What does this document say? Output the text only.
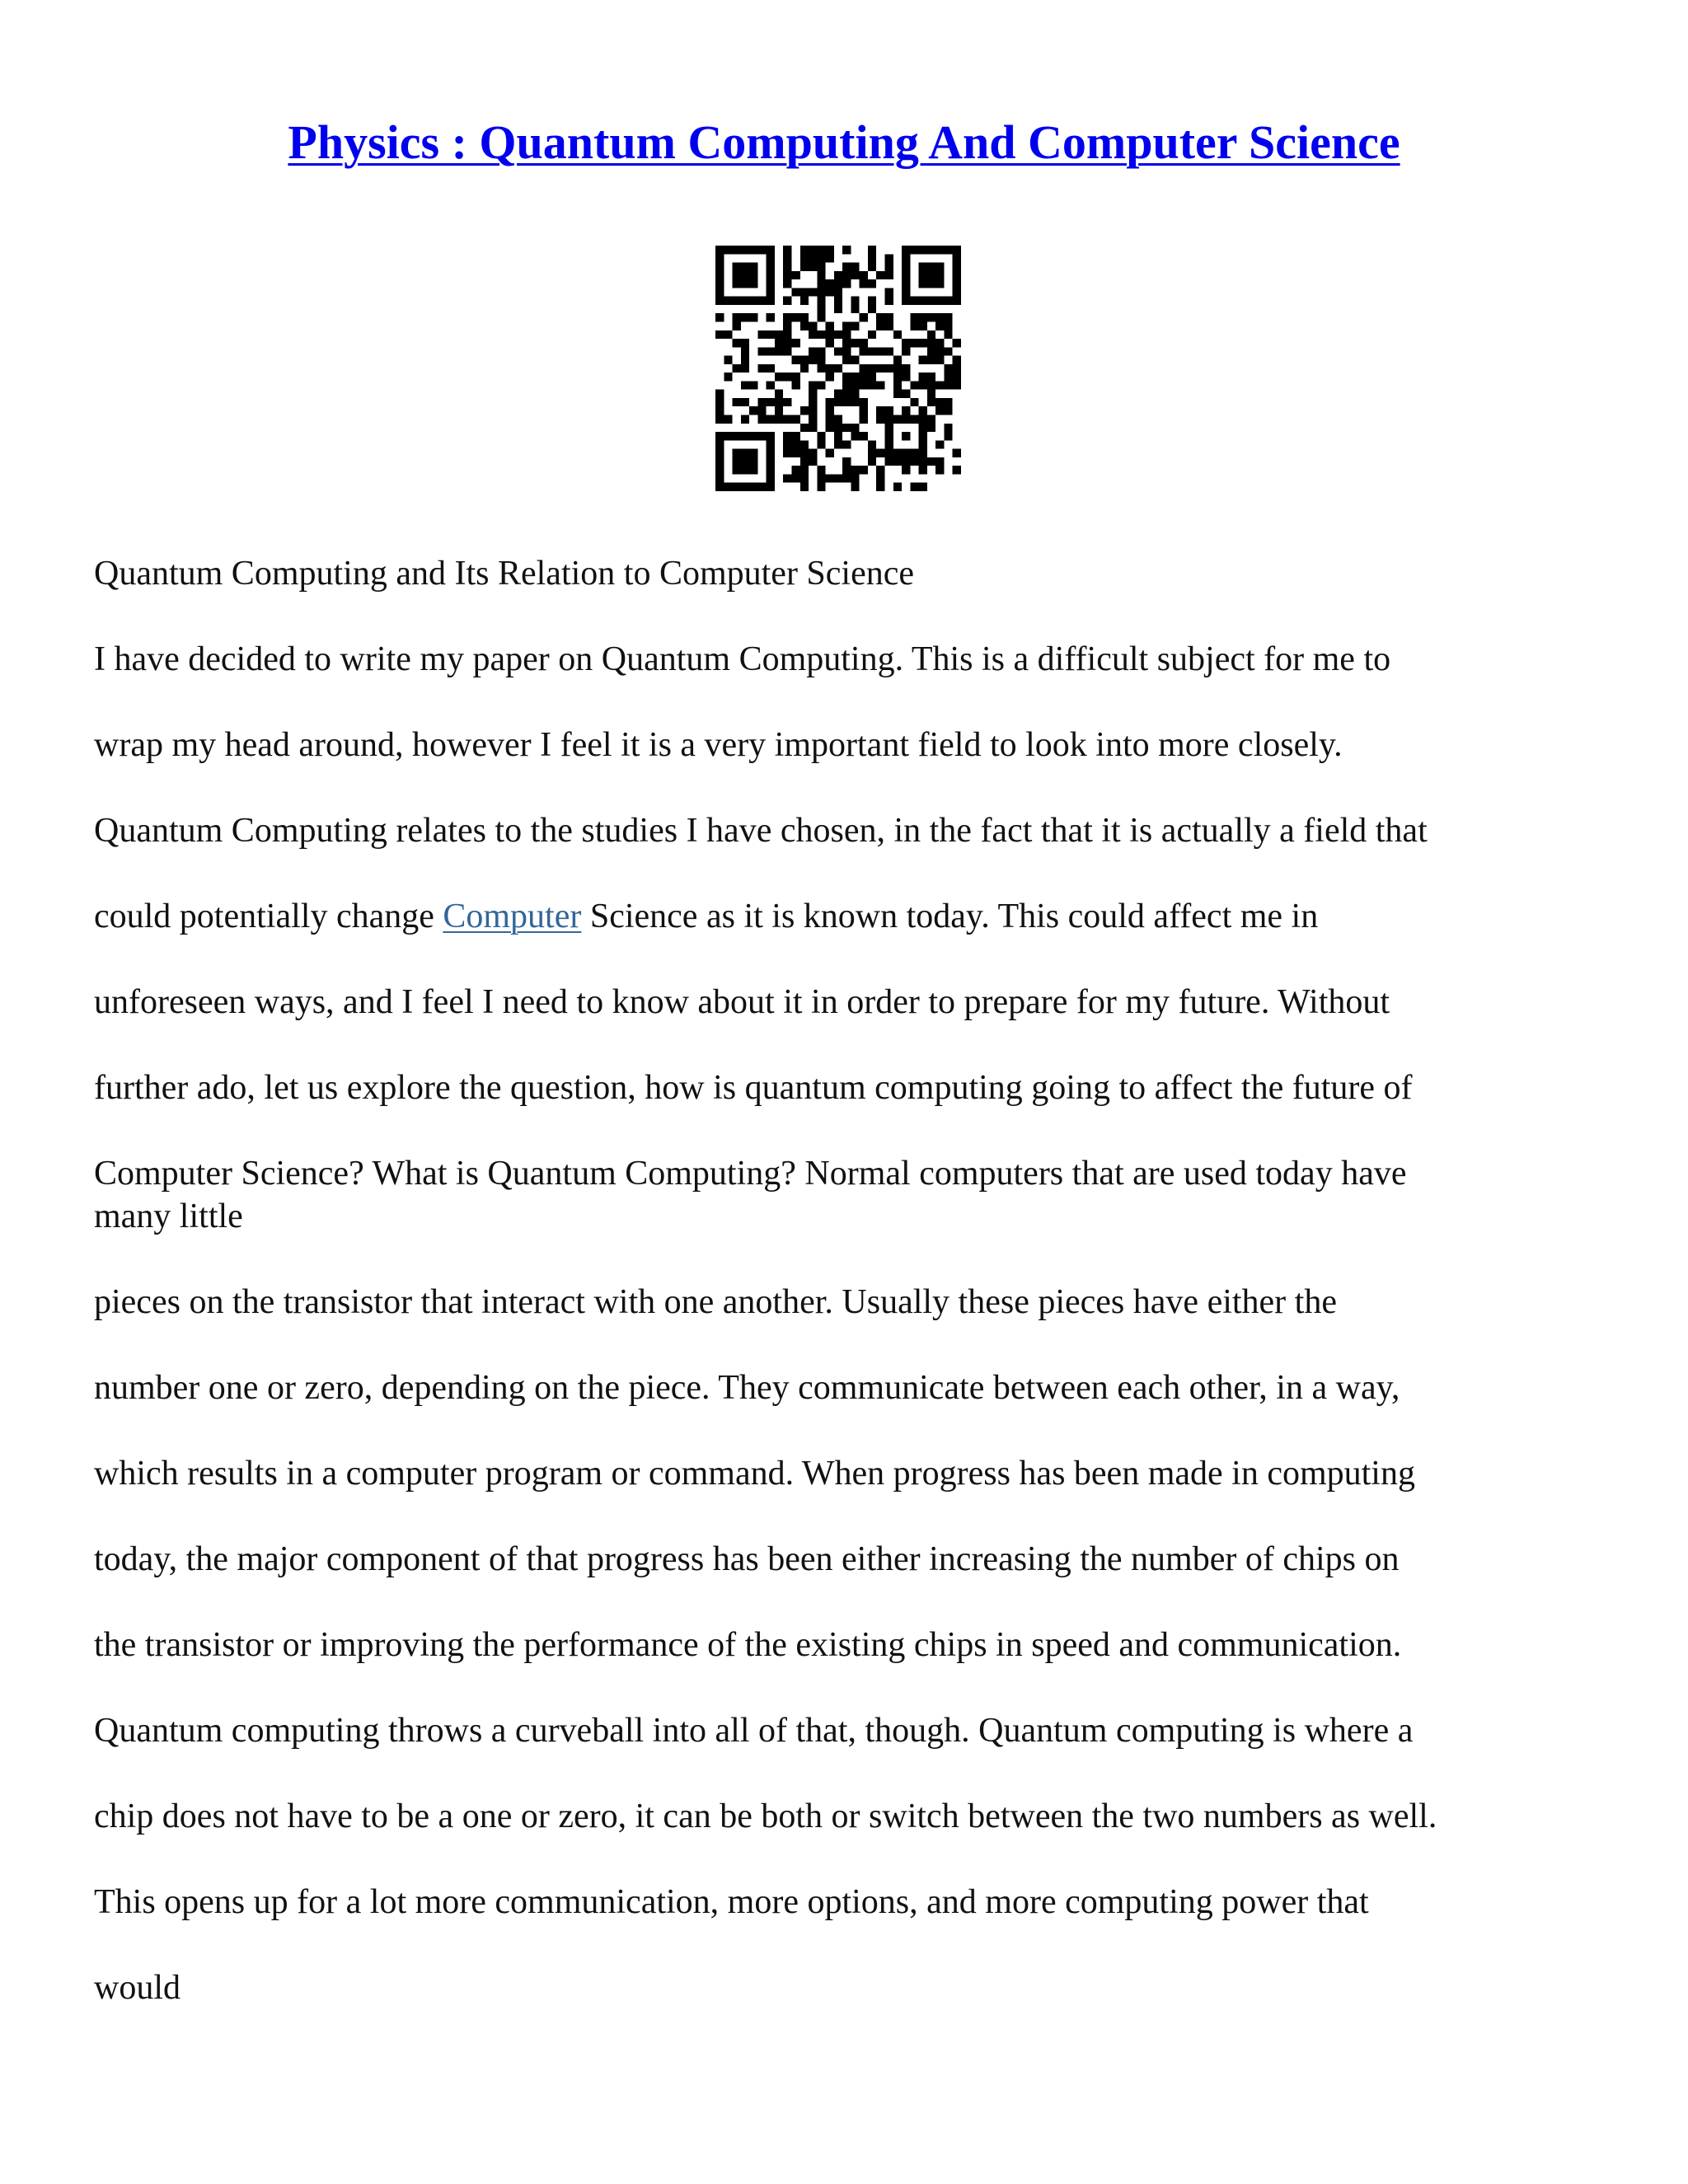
Physics : Quantum Computing And Computer Science
Quantum Computing and Its Relation to Computer Science
I have decided to write my paper on Quantum Computing. This is a difficult subject for me to
wrap my head around, however I feel it is a very important field to look into more closely.
Quantum Computing relates to the studies I have chosen, in the fact that it is actually a field that
could potentially change Computer Science as it is known today. This could affect me in
unforeseen ways, and I feel I need to know about it in order to prepare for my future. Without
further ado, let us explore the question, how is quantum computing going to affect the future of
Computer Science? What is Quantum Computing? Normal computers that are used today have
many little
pieces on the transistor that interact with one another. Usually these pieces have either the
number one or zero, depending on the piece. They communicate between each other, in a way,
which results in a computer program or command. When progress has been made in computing
today, the major component of that progress has been either increasing the number of chips on
the transistor or improving the performance of the existing chips in speed and communication.
Quantum computing throws a curveball into all of that, though. Quantum computing is where a
chip does not have to be a one or zero, it can be both or switch between the two numbers as well.
This opens up for a lot more communication, more options, and more computing power that
would
